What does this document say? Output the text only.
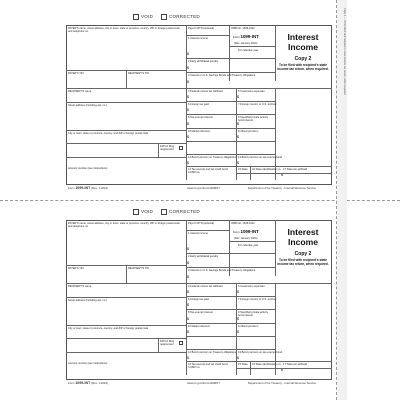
VOID	CORRECTED
PAYER'S name, street address, city or town, state or province, country, ZIP or foreign postal code, and telephone no.
Payer's RTN (optional)	OMB No. 1545-0112
1 Interest income
$
Form 1099-INT
(Rev. January 2024)
For calendar year
Interest
Income
2 Early withdrawal penalty
$
Copy 2
To be filed with recipient's state income tax return, when required.
PAYER'S TIN	RECIPIENT'S TIN
3 Interest on U.S. Savings Bonds and Treasury obligations
$
RECIPIENT'S name	4 Federal income tax withheld
$
5 Investment expenses
$
6 Foreign tax paid
$
7 Foreign country or U.S. territory
Street address (including apt. no.)
8 Tax-exempt interest
$
9 Specified private activity bond interest
$
City or town, state or province, country, and ZIP or foreign postal code
10 Market discount
$
11 Bond premium
$
FATCA filing requirement
12 Bond premium on Treasury obligations
$
13 Bond premium on tax-exempt bond
$
Account number (see instructions)	14 Tax-exempt and tax credit bond CUSIP no.
15 State 16 State identification no. 17 State tax withheld
$
Form 1099-INT (Rev. 1-2024)	www.irs.gov/Form1099INT	Department of the Treasury - Internal Revenue Service
Copy 2 — To be filed with recipient's state income tax return, when required
VOID	CORRECTED
PAYER'S name, street address, city or town, state or province, country, ZIP or foreign postal code, and telephone no.
Payer's RTN (optional)	OMB No. 1545-0112
1 Interest income
$
Form 1099-INT
(Rev. January 2024)
For calendar year
Interest
Income
2 Early withdrawal penalty
$
Copy 2
To be filed with recipient's state income tax return, when required.
PAYER'S TIN	RECIPIENT'S TIN
3 Interest on U.S. Savings Bonds and Treasury obligations
$
RECIPIENT'S name	4 Federal income tax withheld
$
5 Investment expenses
$
6 Foreign tax paid
$
7 Foreign country or U.S. territory
Street address (including apt. no.)
8 Tax-exempt interest
$
9 Specified private activity bond interest
$
City or town, state or province, country, and ZIP or foreign postal code
10 Market discount
$
11 Bond premium
$
FATCA filing requirement
12 Bond premium on Treasury obligations
$
13 Bond premium on tax-exempt bond
$
Account number (see instructions)	14 Tax-exempt and tax credit bond CUSIP no.
15 State 16 State identification no. 17 State tax withheld
$
Form 1099-INT (Rev. 1-2024)	www.irs.gov/Form1099INT	Department of the Treasury - Internal Revenue Service
